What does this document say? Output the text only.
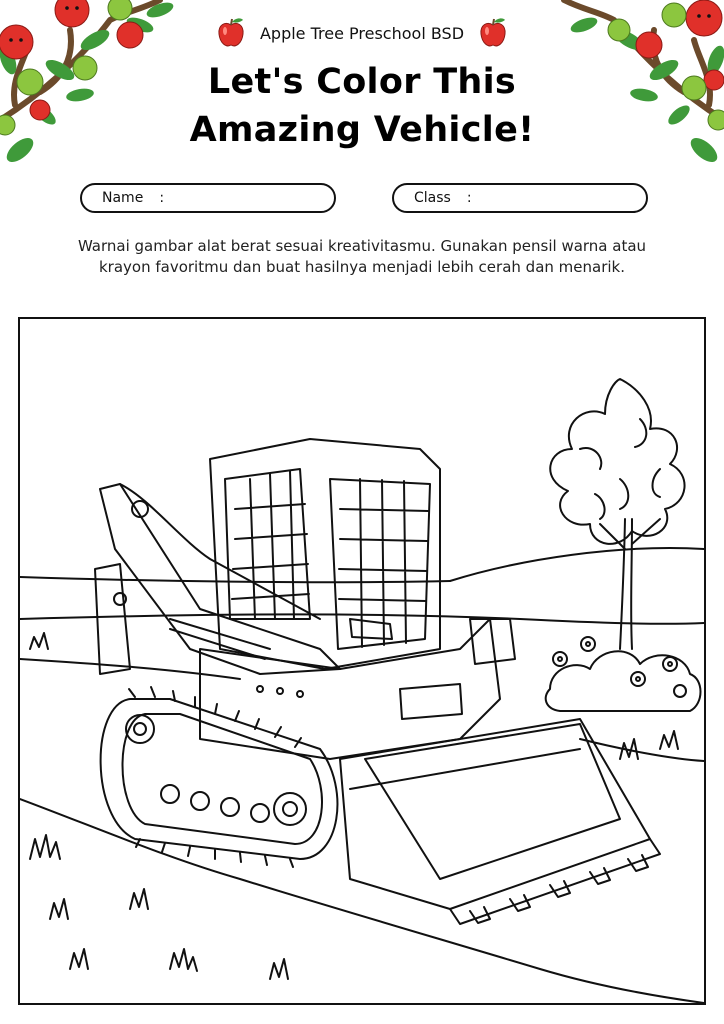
Apple Tree Preschool BSD
Let's Color This
Amazing Vehicle!
Name :	Class :
Warnai gambar alat berat sesuai kreativitasmu. Gunakan pensil warna atau
krayon favoritmu dan buat hasilnya menjadi lebih cerah dan menarik.
